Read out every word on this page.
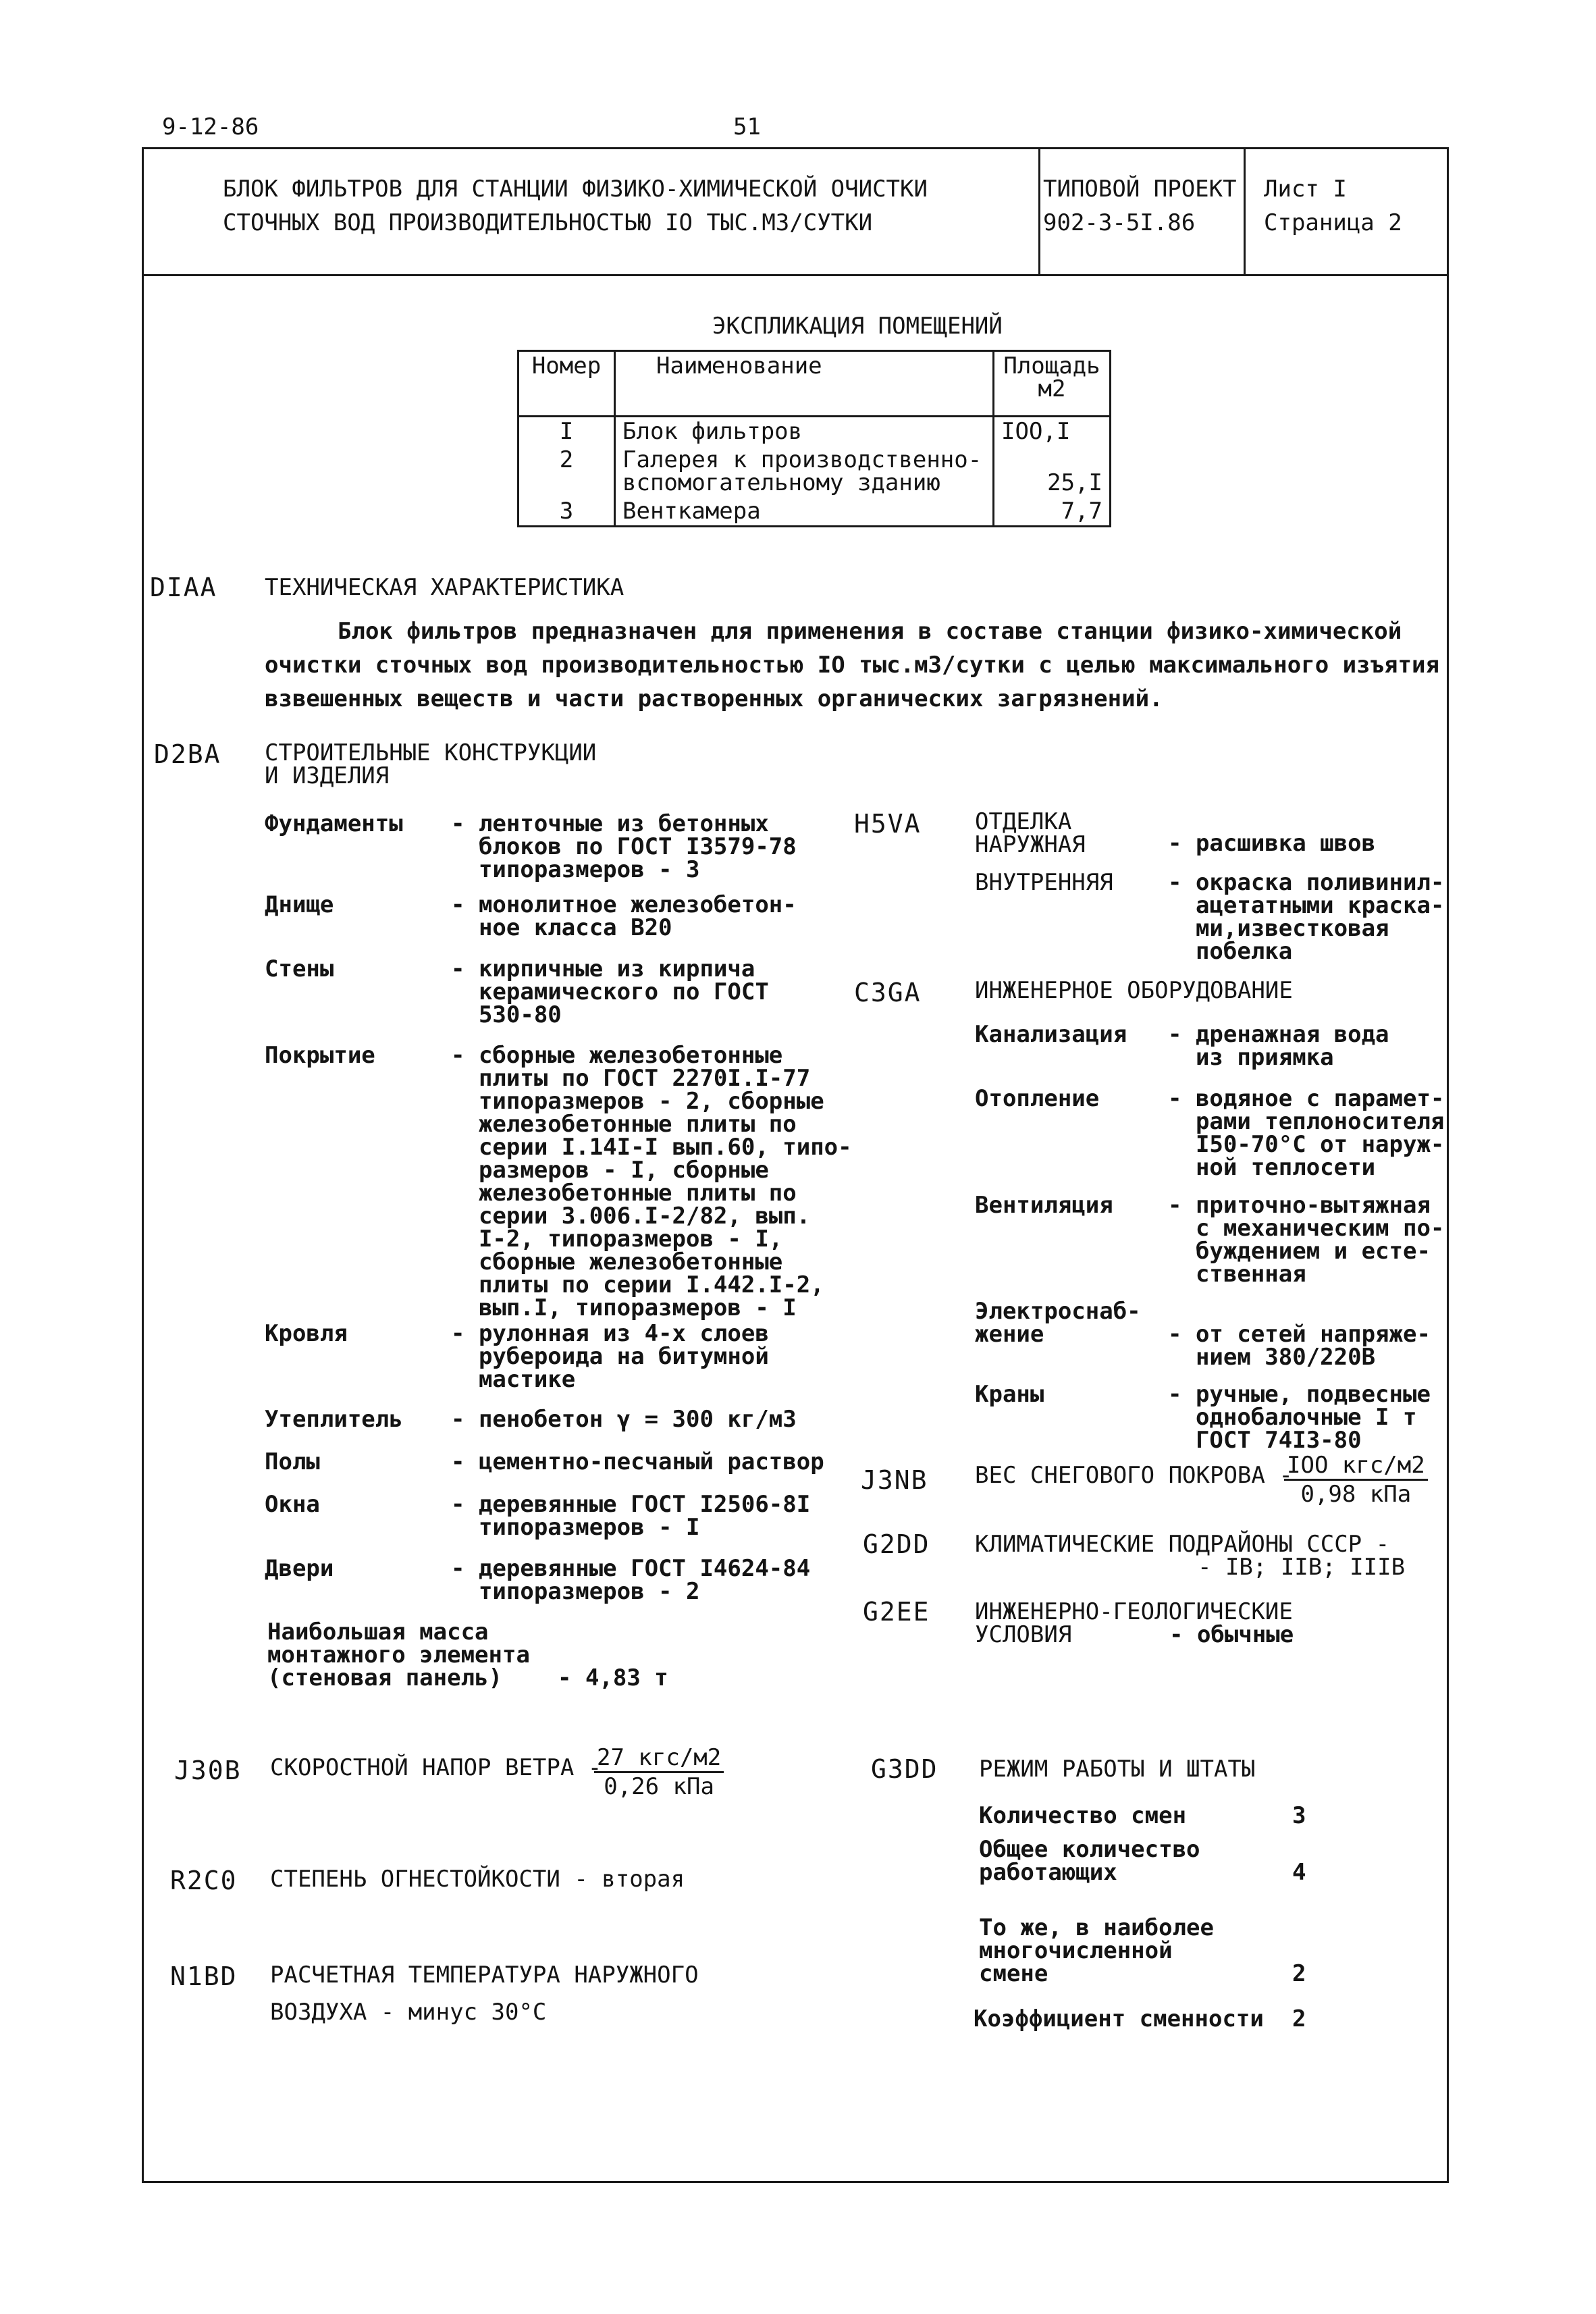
9-12-86	51
БЛОК ФИЛЬТРОВ ДЛЯ СТАНЦИИ ФИЗИКО-ХИМИЧЕСКОЙ ОЧИСТКИ
СТОЧНЫХ ВОД ПРОИЗВОДИТЕЛЬНОСТЬЮ IO ТЫС.МЗ/СУТКИ
ТИПОВОЙ ПРОЕКТ
902-3-5I.86
Лист I
Страница 2
ЭКСПЛИКАЦИЯ ПОМЕЩЕНИЙ
Номер	Наименование	Площадь
м2

I	Блок фильтров	IOO,I
2	Галерея к производственно-
вспомогательному зданию	25,I
3	Венткамера	7,7
DIAA ТЕХНИЧЕСКАЯ ХАРАКТЕРИСТИКА
Блок фильтров предназначен для применения в составе станции физико-химической
очистки сточных вод производительностью IO тыс.м3/сутки с целью максимального изъятия
взвешенных веществ и части растворенных органических загрязнений.
D2BA СТРОИТЕЛЬНЫЕ КОНСТРУКЦИИ
И ИЗДЕЛИЯ
Фундаменты - ленточные из бетонных
блоков по ГОСТ I3579-78
типоразмеров - 3
Днище	- монолитное железобетон-
ное класса В20
Стены	- кирпичные из кирпича
керамического по ГОСТ
530-80
Покрытие	- сборные железобетонные
плиты по ГОСТ 2270I.I-77
типоразмеров - 2, сборные
железобетонные плиты по
серии I.14I-I вып.60, типо-
размеров - I, сборные
железобетонные плиты по
серии 3.006.I-2/82, вып.
I-2, типоразмеров - I,
сборные железобетонные
плиты по серии I.442.I-2,
вып.I, типоразмеров - I
Кровля	- рулонная из 4-х слоев
рубероида на битумной
мастике
Утеплитель - пенобетон γ = 300 кг/м3
Полы	- цементно-песчаный раствор
Окна	- деревянные ГОСТ I2506-8I
типоразмеров - I
Двери	- деревянные ГОСТ I4624-84
типоразмеров - 2
Наибольшая масса
монтажного элемента
(стеновая панель)	- 4,83 т
H5VA ОТДЕЛКА
НАРУЖНАЯ	- расшивка швов
ВНУТРЕННЯЯ - окраска поливинил-
ацетатными краска-
ми,известковая
побелка
C3GA ИНЖЕНЕРНОЕ ОБОРУДОВАНИЕ
Канализация - дренажная вода
из приямка
Отопление	- водяное с парамет-
рами теплоносителя
I50-70°С от наруж-
ной теплосети
Вентиляция - приточно-вытяжная
с механическим по-
буждением и есте-
ственная
Электроснаб-
жение
	- от сетей напряже-
нием 380/220В
Краны	- ручные, подвесные
однобалочные I т
ГОСТ 74I3-80
J3NB ВЕС СНЕГОВОГО ПОКРОВА -
$\frac{\text{IOO кгс/м2}}{\text{0,98 кПа}}$
G2DD КЛИМАТИЧЕСКИЕ ПОДРАЙОНЫ СССР -
- IB; IIB; IIIB
G2EE ИНЖЕНЕРНО-ГЕОЛОГИЧЕСКИЕ
УСЛОВИЯ	- обычные
J30B СКОРОСТНОЙ НАПОР ВЕТРА -
$\frac{\text{27 кгс/м2}}{\text{0,26 кПа}}$
R2C0 СТЕПЕНЬ ОГНЕСТОЙКОСТИ - вторая
N1BD РАСЧЕТНАЯ ТЕМПЕРАТУРА НАРУЖНОГО
ВОЗДУХА - минус 30°С
G3DD РЕЖИМ РАБОТЫ И ШТАТЫ
Количество смен	3
Общее количество
работающих	4
То же, в наиболее
многочисленной
смене	2
Коэффициент сменности 2
